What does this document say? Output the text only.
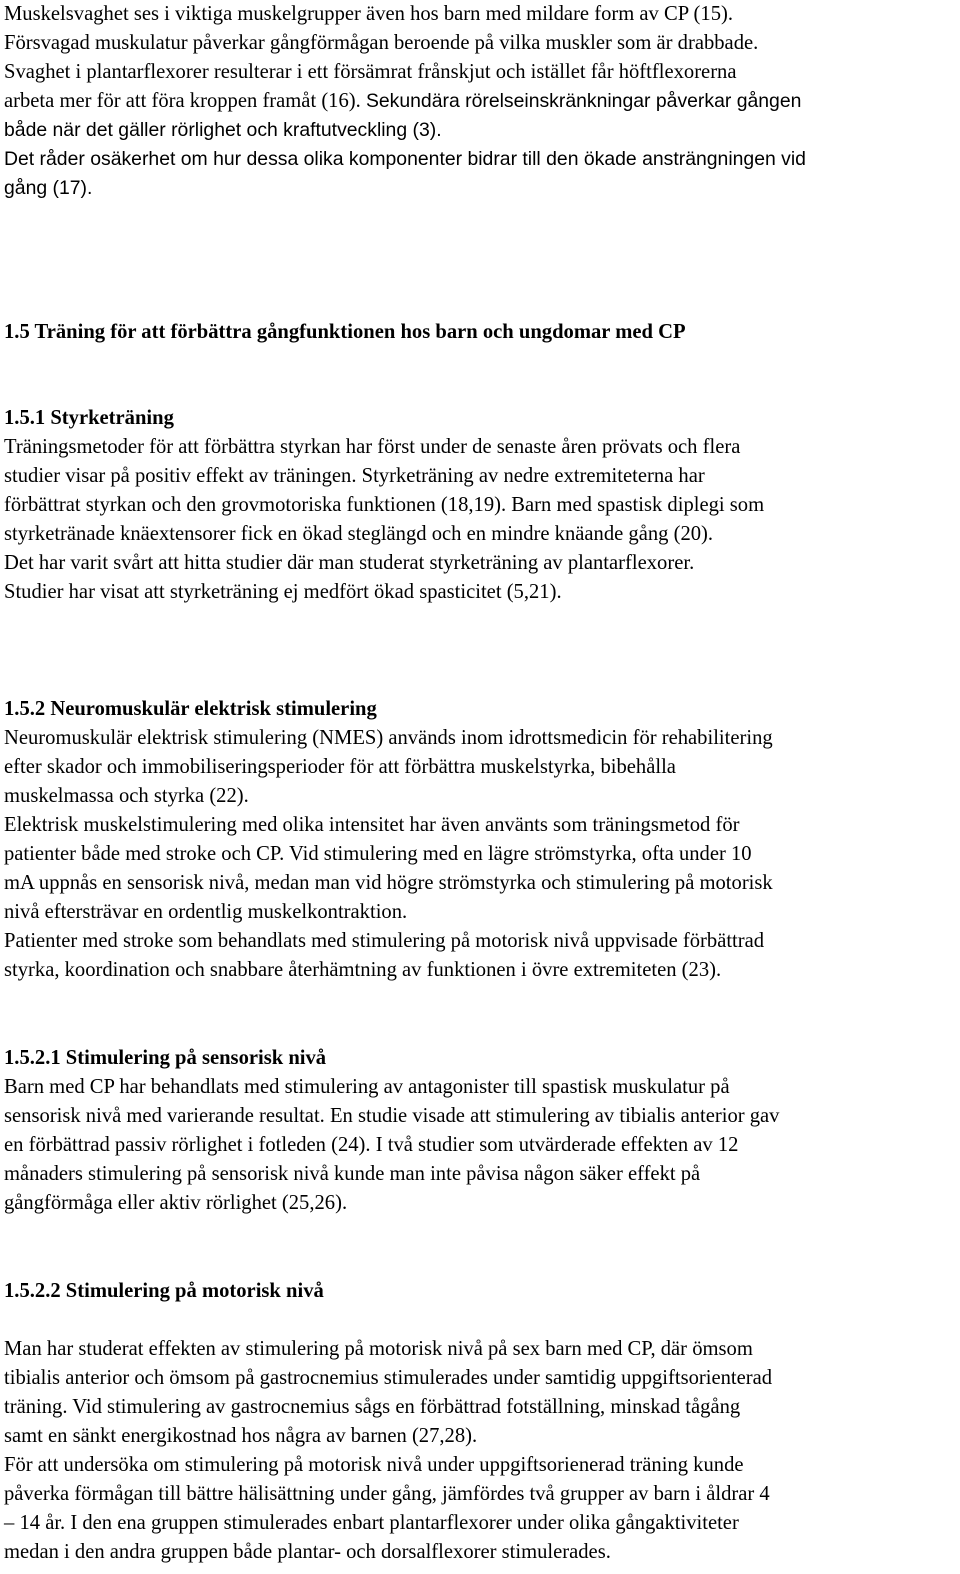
Muskelsvaghet ses i viktiga muskelgrupper även hos barn med mildare form av CP (15).
Försvagad muskulatur påverkar gångförmågan beroende på vilka muskler som är drabbade.
Svaghet i plantarflexorer resulterar i ett försämrat frånskjut och istället får höftflexorerna
arbeta mer för att föra kroppen framåt (16). Sekundära rörelseinskränkningar påverkar gången
både när det gäller rörlighet och kraftutveckling (3).
Det råder osäkerhet om hur dessa olika komponenter bidrar till den ökade ansträngningen vid
gång (17).
1.5 Träning för att förbättra gångfunktionen hos barn och ungdomar med CP
1.5.1 Styrketräning
Träningsmetoder för att förbättra styrkan har först under de senaste åren prövats och flera
studier visar på positiv effekt av träningen. Styrketräning av nedre extremiteterna har
förbättrat styrkan och den grovmotoriska funktionen (18,19). Barn med spastisk diplegi som
styrketränade knäextensorer fick en ökad steglängd och en mindre knäande gång (20).
Det har varit svårt att hitta studier där man studerat styrketräning av plantarflexorer.
Studier har visat att styrketräning ej medfört ökad spasticitet (5,21).
1.5.2 Neuromuskulär elektrisk stimulering
Neuromuskulär elektrisk stimulering (NMES) används inom idrottsmedicin för rehabilitering
efter skador och immobiliseringsperioder för att förbättra muskelstyrka, bibehålla
muskelmassa och styrka (22).
Elektrisk muskelstimulering med olika intensitet har även använts som träningsmetod för
patienter både med stroke och CP. Vid stimulering med en lägre strömstyrka, ofta under 10
mA uppnås en sensorisk nivå, medan man vid högre strömstyrka och stimulering på motorisk
nivå eftersträvar en ordentlig muskelkontraktion.
Patienter med stroke som behandlats med stimulering på motorisk nivå uppvisade förbättrad
styrka, koordination och snabbare återhämtning av funktionen i övre extremiteten (23).
1.5.2.1 Stimulering på sensorisk nivå
Barn med CP har behandlats med stimulering av antagonister till spastisk muskulatur på
sensorisk nivå med varierande resultat. En studie visade att stimulering av tibialis anterior gav
en förbättrad passiv rörlighet i fotleden (24). I två studier som utvärderade effekten av 12
månaders stimulering på sensorisk nivå kunde man inte påvisa någon säker effekt på
gångförmåga eller aktiv rörlighet (25,26).
1.5.2.2 Stimulering på motorisk nivå
Man har studerat effekten av stimulering på motorisk nivå på sex barn med CP, där ömsom
tibialis anterior och ömsom på gastrocnemius stimulerades under samtidig uppgiftsorienterad
träning. Vid stimulering av gastrocnemius sågs en förbättrad fotställning, minskad tågång
samt en sänkt energikostnad hos några av barnen (27,28).
För att undersöka om stimulering på motorisk nivå under uppgiftsorienerad träning kunde
påverka förmågan till bättre hälisättning under gång, jämfördes två grupper av barn i åldrar 4
– 14 år. I den ena gruppen stimulerades enbart plantarflexorer under olika gångaktiviteter
medan i den andra gruppen både plantar- och dorsalflexorer stimulerades.
